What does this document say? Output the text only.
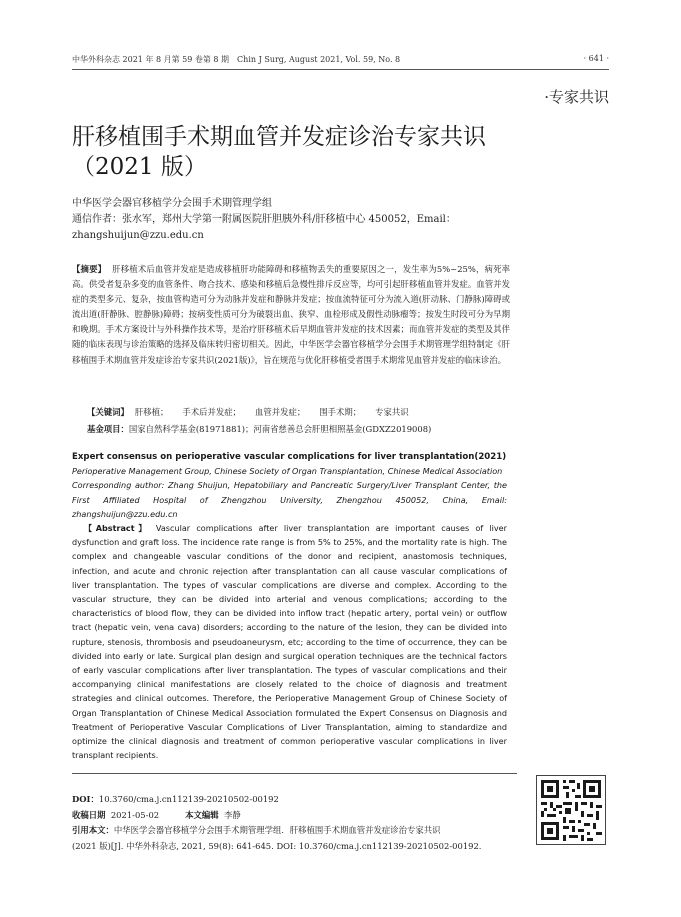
中华外科杂志 2021 年 8 月第 59 卷第 8 期　Chin J Surg, August 2021, Vol. 59, No. 8	· 641 ·
·专家共识
肝移植围手术期血管并发症诊治专家共识
（2021 版）
中华医学会器官移植学分会围手术期管理学组
通信作者：张水军，郑州大学第一附属医院肝胆胰外科/肝移植中心 450052，Email：
zhangshuijun@zzu.edu.cn
【摘要】 肝移植术后血管并发症是造成移植肝功能障碍和移植物丢失的重要原因之一，发生率为5%~25%，病死率高。供受者复杂多变的血管条件、吻合技术、感染和移植后急慢性排斥反应等，均可引起肝移植血管并发症。血管并发症的类型多元、复杂，按血管构造可分为动脉并发症和静脉并发症；按血流特征可分为流入道(肝动脉、门静脉)障碍或流出道(肝静脉、腔静脉)障碍；按病变性质可分为破裂出血、狭窄、血栓形成及假性动脉瘤等；按发生时段可分为早期和晚期。手术方案设计与外科操作技术等，是治疗肝移植术后早期血管并发症的技术因素；而血管并发症的类型及其伴随的临床表现与诊治策略的选择及临床转归密切相关。因此，中华医学会器官移植学分会围手术期管理学组特制定《肝移植围手术期血管并发症诊治专家共识(2021版)》，旨在规范与优化肝移植受者围手术期常见血管并发症的临床诊治。
【关键词】 肝移植； 手术后并发症； 血管并发症； 围手术期； 专家共识
基金项目：国家自然科学基金(81971881)；河南省慈善总会肝胆相照基金(GDXZ2019008)
Expert consensus on perioperative vascular complications for liver transplantation(2021)
Perioperative Management Group, Chinese Society of Organ Transplantation, Chinese Medical Association
Corresponding author: Zhang Shuijun, Hepatobiliary and Pancreatic Surgery/Liver Transplant Center, the First Affiliated Hospital of Zhengzhou University, Zhengzhou 450052, China, Email: zhangshuijun@zzu.edu.cn
【Abstract】 Vascular complications after liver transplantation are important causes of liver dysfunction and graft loss. The incidence rate range is from 5% to 25%, and the mortality rate is high. The complex and changeable vascular conditions of the donor and recipient, anastomosis techniques, infection, and acute and chronic rejection after transplantation can all cause vascular complications of liver transplantation. The types of vascular complications are diverse and complex. According to the vascular structure, they can be divided into arterial and venous complications; according to the characteristics of blood flow, they can be divided into inflow tract (hepatic artery, portal vein) or outflow tract (hepatic vein, vena cava) disorders; according to the nature of the lesion, they can be divided into rupture, stenosis, thrombosis and pseudoaneurysm, etc; according to the time of occurrence, they can be divided into early or late. Surgical plan design and surgical operation techniques are the technical factors of early vascular complications after liver transplantation. The types of vascular complications and their accompanying clinical manifestations are closely related to the choice of diagnosis and treatment strategies and clinical outcomes. Therefore, the Perioperative Management Group of Chinese Society of Organ Transplantation of Chinese Medical Association formulated the Expert Consensus on Diagnosis and Treatment of Perioperative Vascular Complications of Liver Transplantation, aiming to standardize and optimize the clinical diagnosis and treatment of common perioperative vascular complications in liver transplant recipients.
DOI：10.3760/cma.j.cn112139-20210502-00192
收稿日期 2021-05-02	本文编辑 李静
引用本文：中华医学会器官移植学分会围手术期管理学组．肝移植围手术期血管并发症诊治专家共识
(2021 版)[J]. 中华外科杂志, 2021, 59(8): 641-645. DOI: 10.3760/cma.j.cn112139-20210502-00192.
